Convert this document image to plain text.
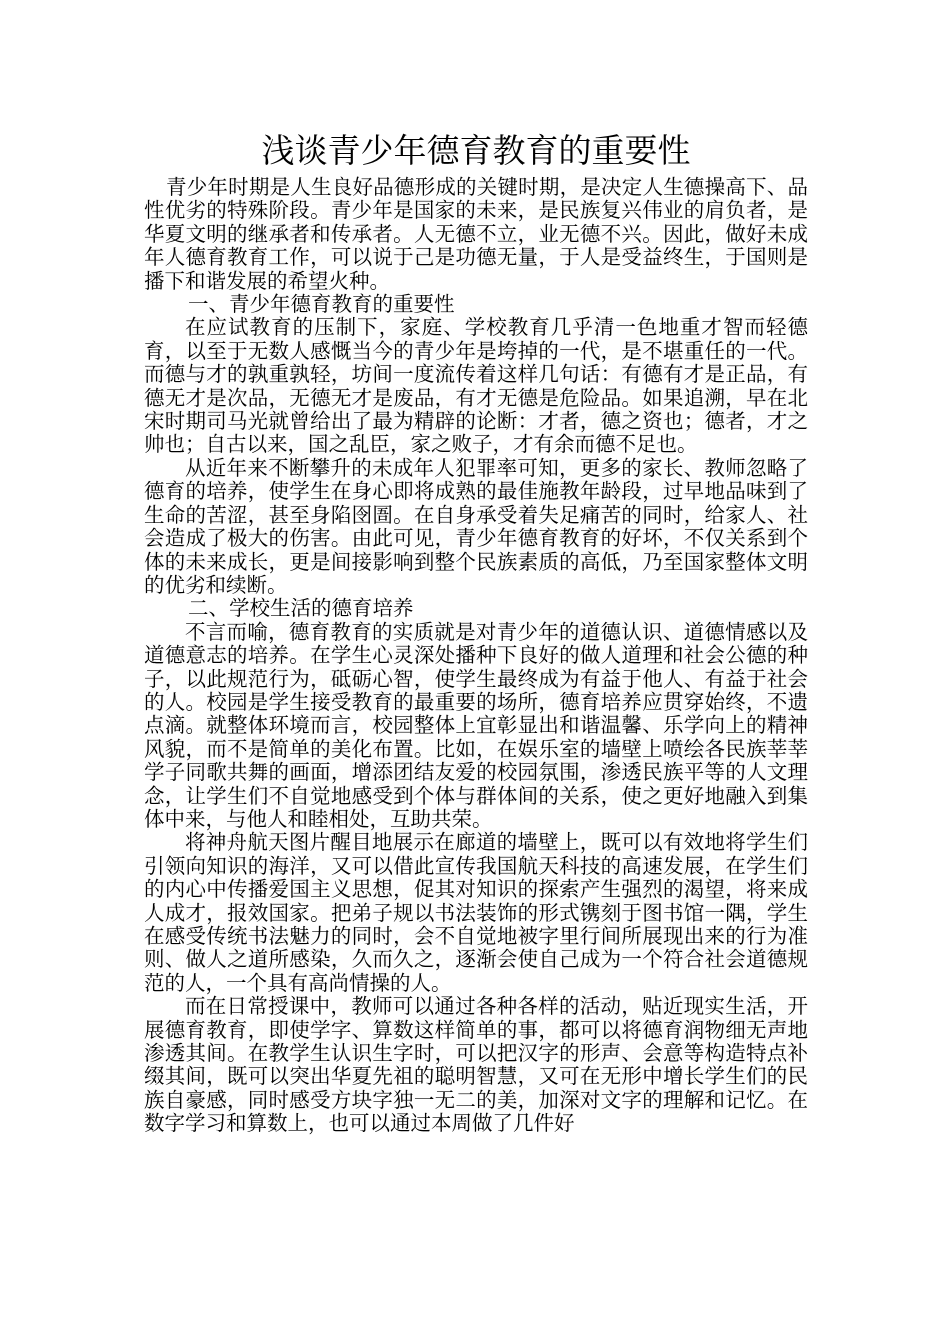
浅谈青少年德育教育的重要性

青少年时期是人生良好品德形成的关键时期，是决定人生德操高下、品性优劣的特殊阶段。青少年是国家的未来，是民族复兴伟业的肩负者，是华夏文明的继承者和传承者。人无德不立，业无德不兴。因此，做好未成年人德育教育工作，可以说于己是功德无量，于人是受益终生，于国则是播下和谐发展的希望火种。

一、青少年德育教育的重要性

在应试教育的压制下，家庭、学校教育几乎清一色地重才智而轻德育，以至于无数人感慨当今的青少年是垮掉的一代，是不堪重任的一代。而德与才的孰重孰轻，坊间一度流传着这样几句话：有德有才是正品，有德无才是次品，无德无才是废品，有才无德是危险品。如果追溯，早在北宋时期司马光就曾给出了最为精辟的论断：才者，德之资也；德者，才之帅也；自古以来，国之乱臣，家之败子，才有余而德不足也。

从近年来不断攀升的未成年人犯罪率可知，更多的家长、教师忽略了德育的培养，使学生在身心即将成熟的最佳施教年龄段，过早地品味到了生命的苦涩，甚至身陷囹圄。在自身承受着失足痛苦的同时，给家人、社会造成了极大的伤害。由此可见，青少年德育教育的好坏，不仅关系到个体的未来成长，更是间接影响到整个民族素质的高低，乃至国家整体文明的优劣和续断。

二、学校生活的德育培养

不言而喻，德育教育的实质就是对青少年的道德认识、道德情感以及道德意志的培养。在学生心灵深处播种下良好的做人道理和社会公德的种子，以此规范行为，砥砺心智，使学生最终成为有益于他人、有益于社会的人。校园是学生接受教育的最重要的场所，德育培养应贯穿始终，不遗点滴。就整体环境而言，校园整体上宜彰显出和谐温馨、乐学向上的精神风貌，而不是简单的美化布置。比如，在娱乐室的墙壁上喷绘各民族莘莘学子同歌共舞的画面，增添团结友爱的校园氛围，渗透民族平等的人文理念，让学生们不自觉地感受到个体与群体间的关系，使之更好地融入到集体中来，与他人和睦相处，互助共荣。

将神舟航天图片醒目地展示在廊道的墙壁上，既可以有效地将学生们引领向知识的海洋，又可以借此宣传我国航天科技的高速发展，在学生们的内心中传播爱国主义思想，促其对知识的探索产生强烈的渴望，将来成人成才，报效国家。把弟子规以书法装饰的形式镌刻于图书馆一隅，学生在感受传统书法魅力的同时，会不自觉地被字里行间所展现出来的行为准则、做人之道所感染，久而久之，逐渐会使自己成为一个符合社会道德规范的人，一个具有高尚情操的人。

而在日常授课中，教师可以通过各种各样的活动，贴近现实生活，开展德育教育，即使学字、算数这样简单的事，都可以将德育润物细无声地渗透其间。在教学生认识生字时，可以把汉字的形声、会意等构造特点补缀其间，既可以突出华夏先祖的聪明智慧，又可在无形中增长学生们的民族自豪感，同时感受方块字独一无二的美，加深对文字的理解和记忆。在数字学习和算数上，也可以通过本周做了几件好
